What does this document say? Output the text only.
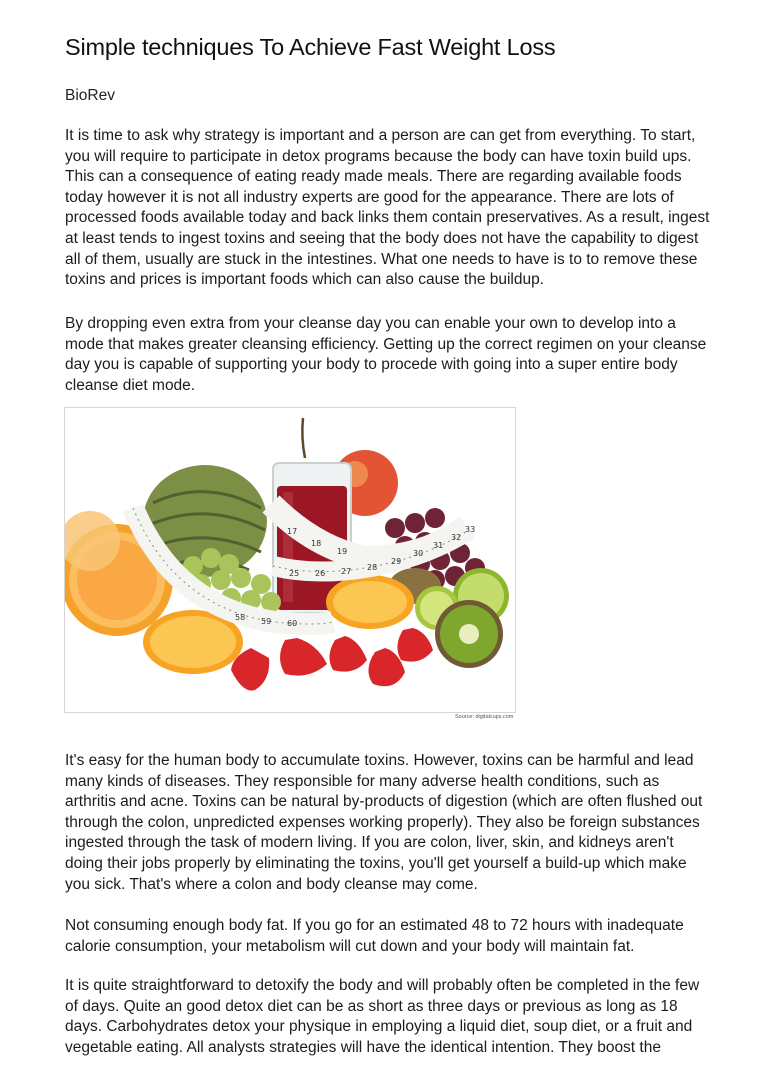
Simple techniques To Achieve Fast Weight Loss

BioRev

It is time to ask why strategy is important and a person are can get from everything. To start, you will require to participate in detox programs because the body can have toxin build ups. This can a consequence of eating ready made meals. There are regarding available foods today however it is not all industry experts are good for the appearance. There are lots of processed foods available today and back links them contain preservatives. As a result, ingest at least tends to ingest toxins and seeing that the body does not have the capability to digest all of them, usually are stuck in the intestines. What one needs to have is to to remove these toxins and prices is important foods which can also cause the buildup.

By dropping even extra from your cleanse day you can enable your own to develop into a mode that makes greater cleansing efficiency. Getting up the correct regimen on your cleanse day you is capable of supporting your body to procede with going into a super entire body cleanse diet mode.

17
18
19
25 26 27 28
29
30
31
32
33
58 59 60
Source: digitalcups.com

It's easy for the human body to accumulate toxins. However, toxins can be harmful and lead many kinds of diseases. They responsible for many adverse health conditions, such as arthritis and acne. Toxins can be natural by-products of digestion (which are often flushed out through the colon, unpredicted expenses working properly). They also be foreign substances ingested through the task of modern living. If you are colon, liver, skin, and kidneys aren't doing their jobs properly by eliminating the toxins, you'll get yourself a build-up which make you sick. That's where a colon and body cleanse may come.

Not consuming enough body fat. If you go for an estimated 48 to 72 hours with inadequate calorie consumption, your metabolism will cut down and your body will maintain fat.

It is quite straightforward to detoxify the body and will probably often be completed in the few of days. Quite an good detox diet can be as short as three days or previous as long as 18 days. Carbohydrates detox your physique in employing a liquid diet, soup diet, or a fruit and vegetable eating. All analysts strategies will have the identical intention. They boost the
